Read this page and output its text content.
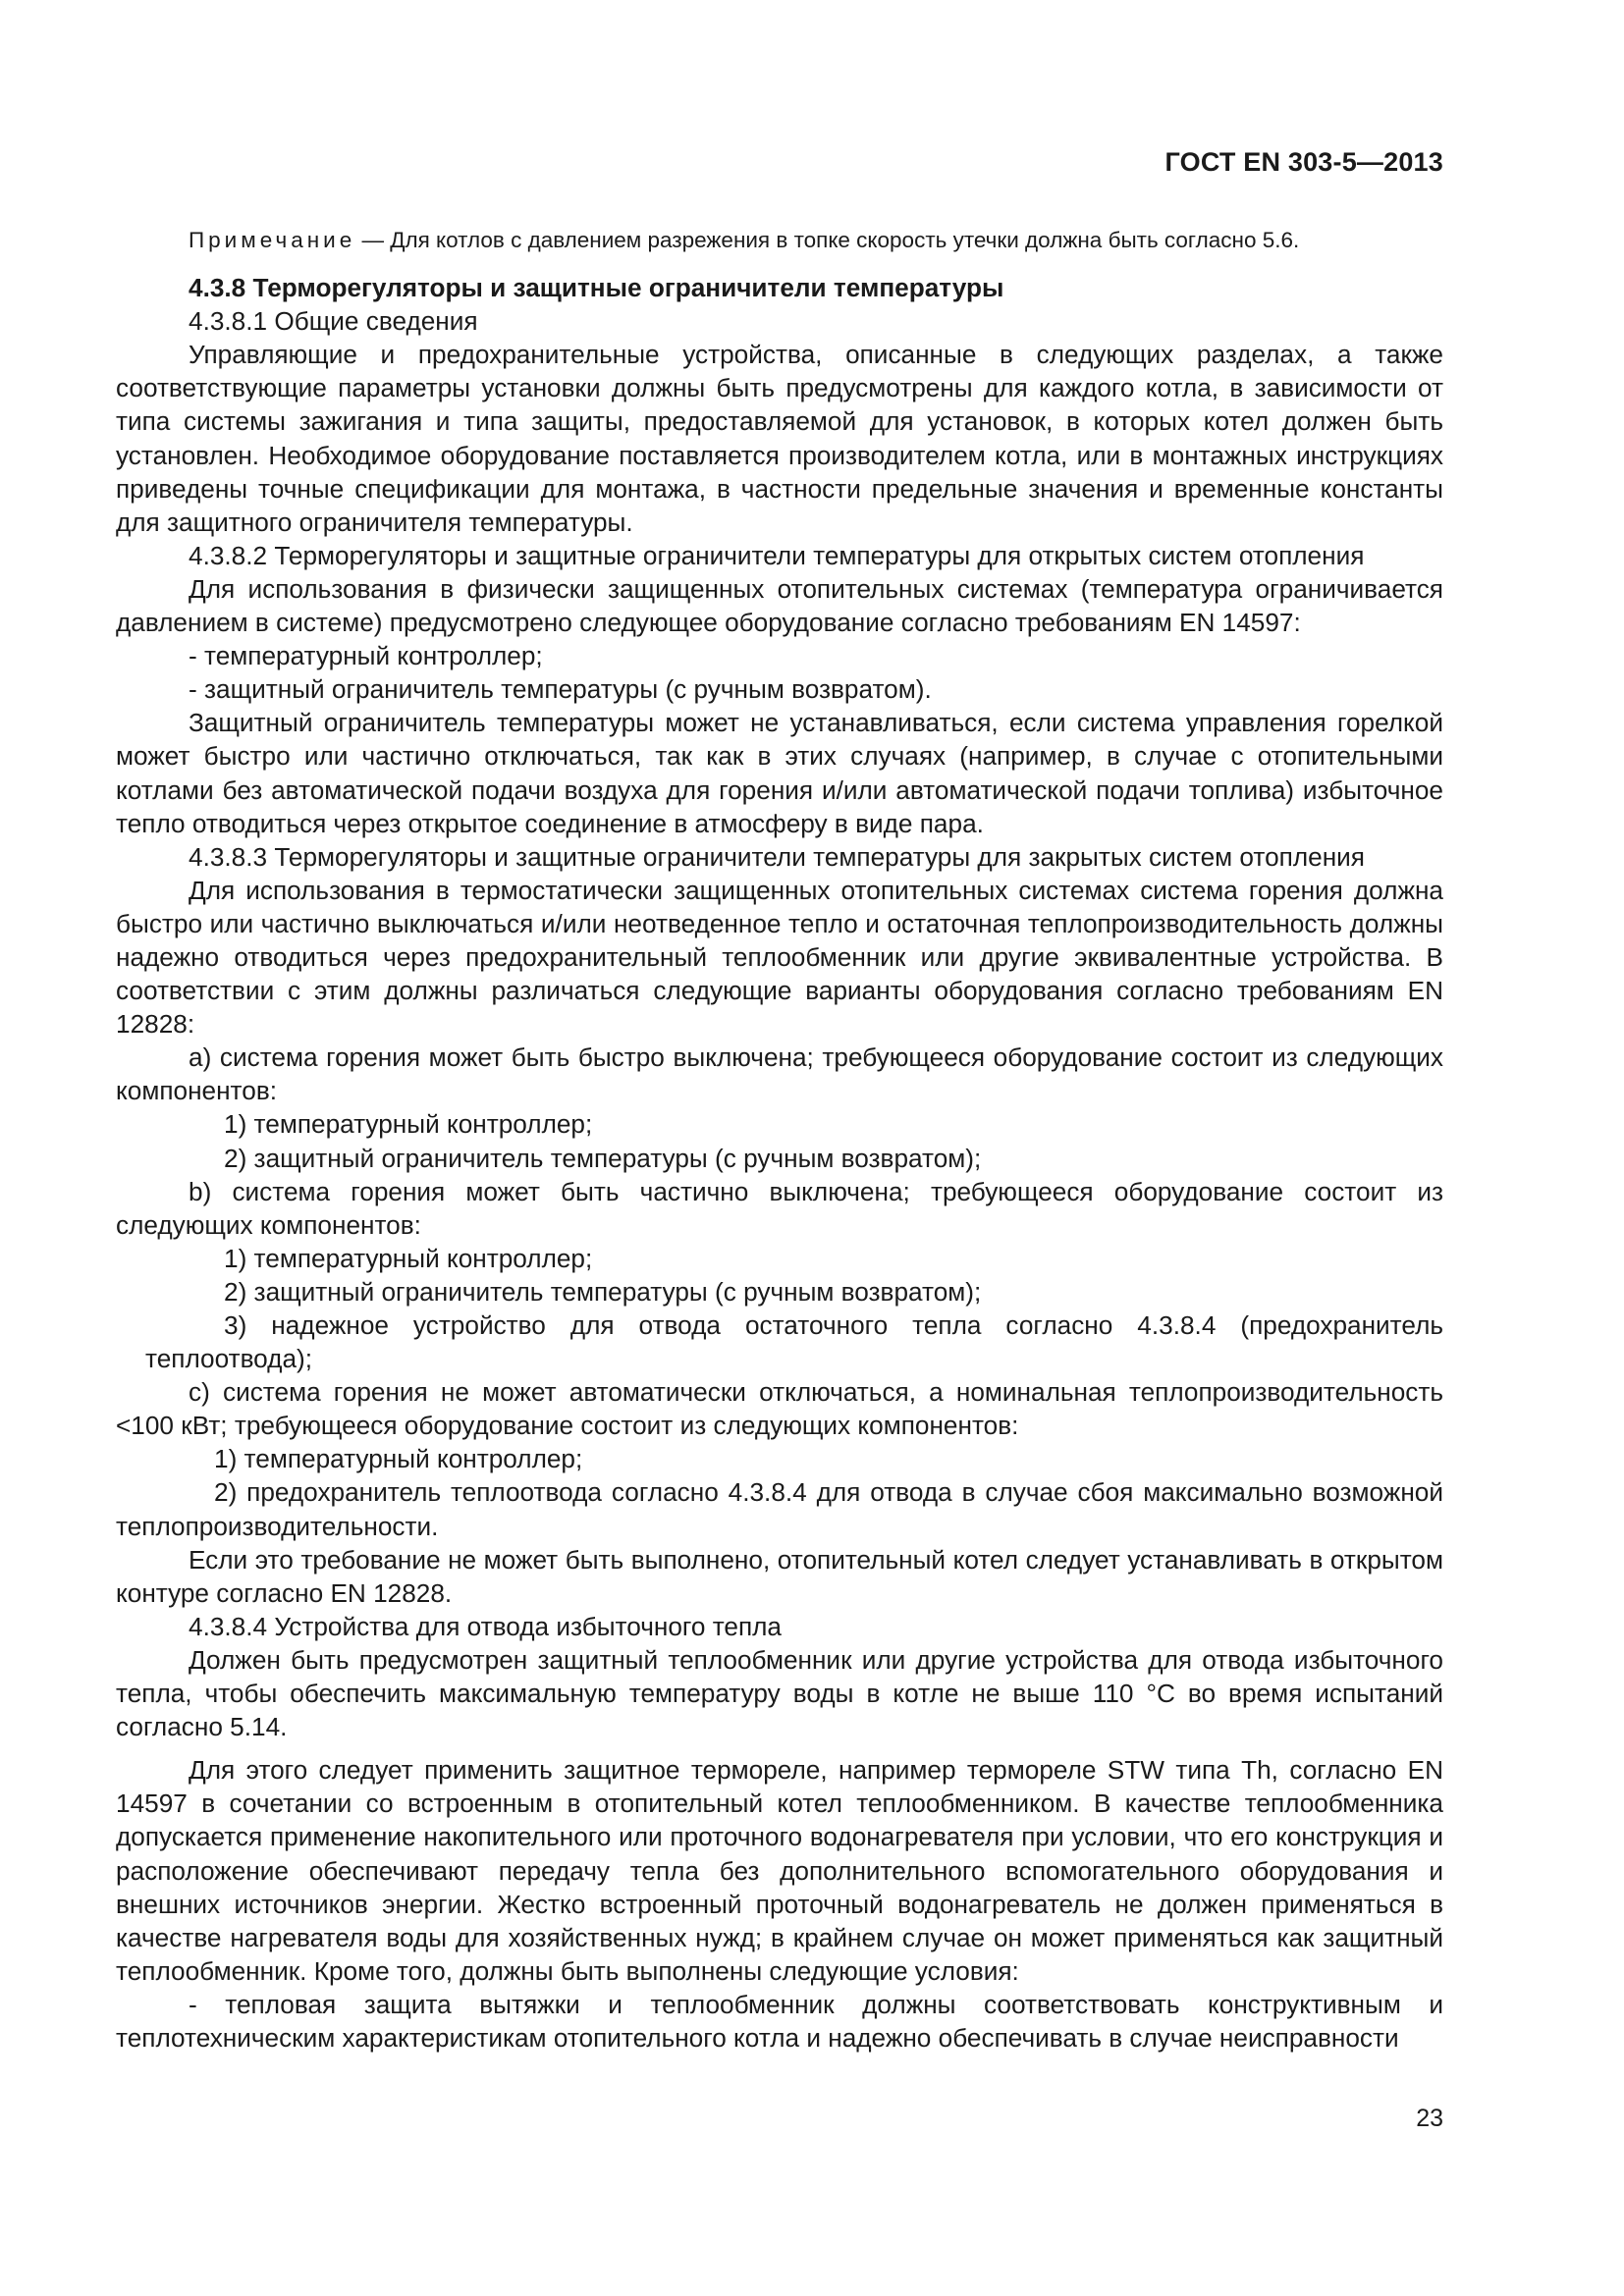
ГОСТ EN 303-5—2013

Примечание — Для котлов с давлением разрежения в топке скорость утечки должна быть согласно 5.6.

4.3.8 Терморегуляторы и защитные ограничители температуры

4.3.8.1 Общие сведения

Управляющие и предохранительные устройства, описанные в следующих разделах, а также соответствующие параметры установки должны быть предусмотрены для каждого котла, в зависимости от типа системы зажигания и типа защиты, предоставляемой для установок, в которых котел должен быть установлен. Необходимое оборудование поставляется производителем котла, или в монтажных инструкциях приведены точные спецификации для монтажа, в частности предельные значения и временные константы для защитного ограничителя температуры.

4.3.8.2 Терморегуляторы и защитные ограничители температуры для открытых систем отопления

Для использования в физически защищенных отопительных системах (температура ограничивается давлением в системе) предусмотрено следующее оборудование согласно требованиям EN 14597:

- температурный контроллер;

- защитный ограничитель температуры (с ручным возвратом).

Защитный ограничитель температуры может не устанавливаться, если система управления горелкой может быстро или частично отключаться, так как в этих случаях (например, в случае с отопительными котлами без автоматической подачи воздуха для горения и/или автоматической подачи топлива) избыточное тепло отводиться через открытое соединение в атмосферу в виде пара.

4.3.8.3 Терморегуляторы и защитные ограничители температуры для закрытых систем отопления

Для использования в термостатически защищенных отопительных системах система горения должна быстро или частично выключаться и/или неотведенное тепло и остаточная теплопроизводительность должны надежно отводиться через предохранительный теплообменник или другие эквивалентные устройства. В соответствии с этим должны различаться следующие варианты оборудования согласно требованиям EN 12828:

a) система горения может быть быстро выключена; требующееся оборудование состоит из следующих компонентов:

1) температурный контроллер;

2) защитный ограничитель температуры (с ручным возвратом);

b) система горения может быть частично выключена; требующееся оборудование состоит из следующих компонентов:

1) температурный контроллер;

2) защитный ограничитель температуры (с ручным возвратом);

3) надежное устройство для отвода остаточного тепла согласно 4.3.8.4 (предохранитель теплоотвода);

c) система горения не может автоматически отключаться, а номинальная теплопроизводительность <100 кВт; требующееся оборудование состоит из следующих компонентов:

1) температурный контроллер;

2) предохранитель теплоотвода согласно 4.3.8.4 для отвода в случае сбоя максимально возможной теплопроизводительности.

Если это требование не может быть выполнено, отопительный котел следует устанавливать в открытом контуре согласно EN 12828.

4.3.8.4 Устройства для отвода избыточного тепла

Должен быть предусмотрен защитный теплообменник или другие устройства для отвода избыточного тепла, чтобы обеспечить максимальную температуру воды в котле не выше 110 °C во время испытаний согласно 5.14.

Для этого следует применить защитное термореле, например термореле STW типа Th, согласно EN 14597 в сочетании со встроенным в отопительный котел теплообменником. В качестве теплообменника допускается применение накопительного или проточного водонагревателя при условии, что его конструкция и расположение обеспечивают передачу тепла без дополнительного вспомогательного оборудования и внешних источников энергии. Жестко встроенный проточный водонагреватель не должен применяться в качестве нагревателя воды для хозяйственных нужд; в крайнем случае он может применяться как защитный теплообменник. Кроме того, должны быть выполнены следующие условия:

- тепловая защита вытяжки и теплообменник должны соответствовать конструктивным и теплотехническим характеристикам отопительного котла и надежно обеспечивать в случае неисправности

23
